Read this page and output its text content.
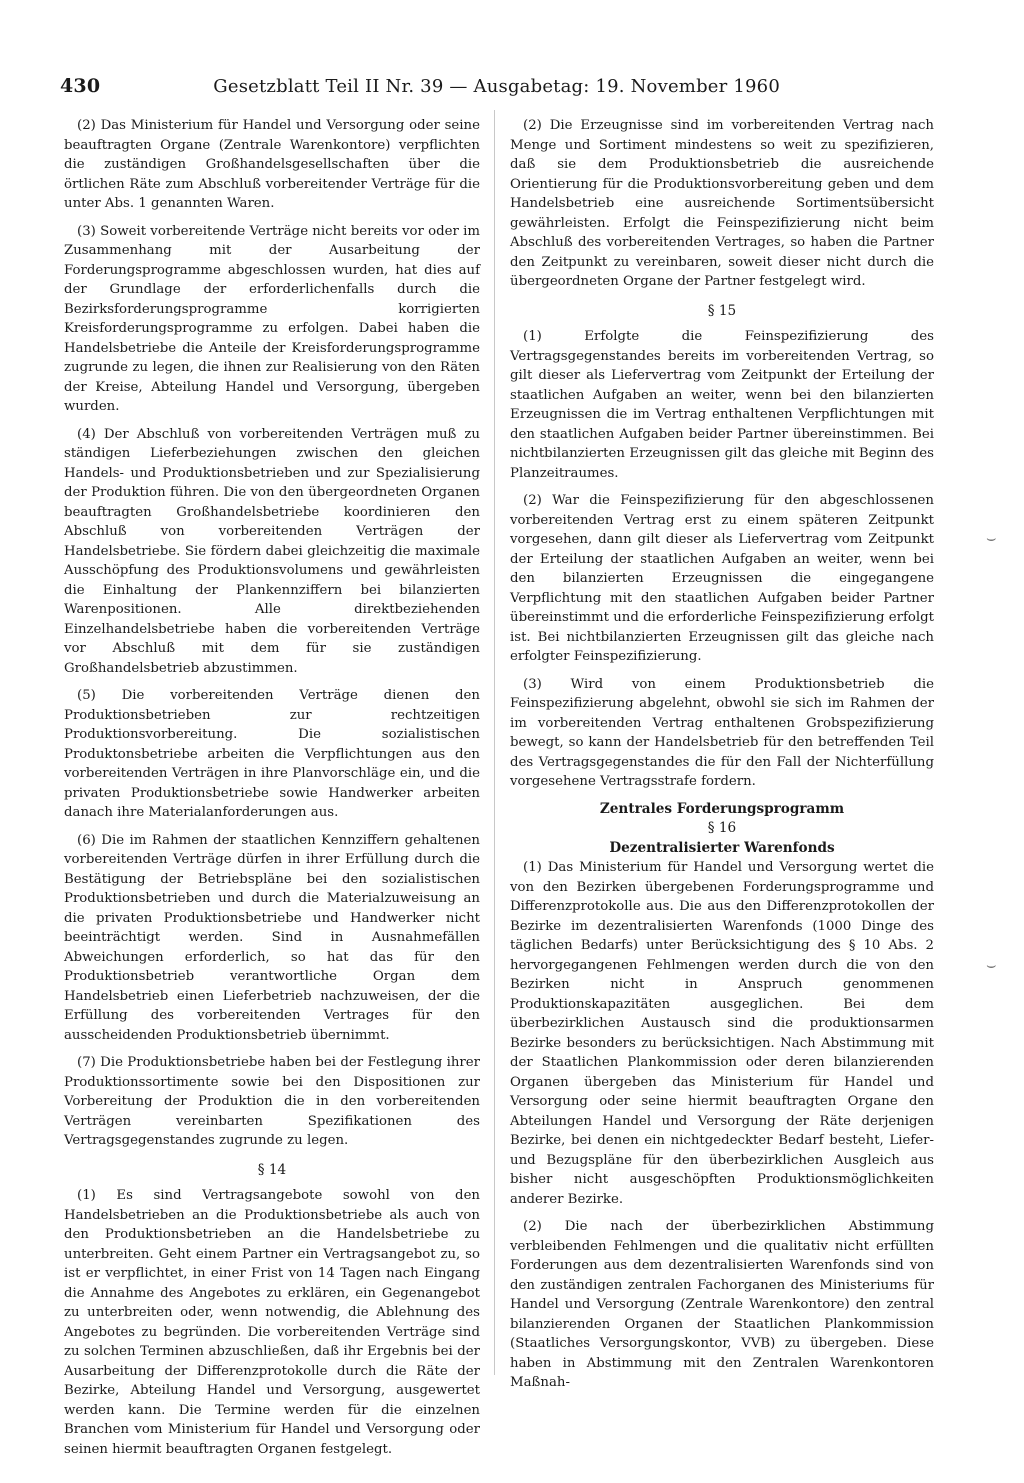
430	Gesetzblatt Teil II Nr. 39 — Ausgabetag: 19. November 1960

(2) Das Ministerium für Handel und Versorgung oder seine beauftragten Organe (Zentrale Warenkontore) verpflichten die zuständigen Großhandelsgesellschaften über die örtlichen Räte zum Abschluß vorbereitender Verträge für die unter Abs. 1 genannten Waren.

(3) Soweit vorbereitende Verträge nicht bereits vor oder im Zusammenhang mit der Ausarbeitung der Forderungsprogramme abgeschlossen wurden, hat dies auf der Grundlage der erforderlichenfalls durch die Bezirksforderungsprogramme korrigierten Kreisforderungsprogramme zu erfolgen. Dabei haben die Handelsbetriebe die Anteile der Kreisforderungsprogramme zugrunde zu legen, die ihnen zur Realisierung von den Räten der Kreise, Abteilung Handel und Versorgung, übergeben wurden.

(4) Der Abschluß von vorbereitenden Verträgen muß zu ständigen Lieferbeziehungen zwischen den gleichen Handels- und Produktionsbetrieben und zur Spezialisierung der Produktion führen. Die von den übergeordneten Organen beauftragten Großhandelsbetriebe koordinieren den Abschluß von vorbereitenden Verträgen der Handelsbetriebe. Sie fördern dabei gleichzeitig die maximale Ausschöpfung des Produktionsvolumens und gewährleisten die Einhaltung der Plankennziffern bei bilanzierten Warenpositionen. Alle direktbeziehenden Einzelhandelsbetriebe haben die vorbereitenden Verträge vor Abschluß mit dem für sie zuständigen Großhandelsbetrieb abzustimmen.

(5) Die vorbereitenden Verträge dienen den Produktionsbetrieben zur rechtzeitigen Produktionsvorbereitung. Die sozialistischen Produktonsbetriebe arbeiten die Verpflichtungen aus den vorbereitenden Verträgen in ihre Planvorschläge ein, und die privaten Produktionsbetriebe sowie Handwerker arbeiten danach ihre Materialanforderungen aus.

(6) Die im Rahmen der staatlichen Kennziffern gehaltenen vorbereitenden Verträge dürfen in ihrer Erfüllung durch die Bestätigung der Betriebspläne bei den sozialistischen Produktionsbetrieben und durch die Materialzuweisung an die privaten Produktionsbetriebe und Handwerker nicht beeinträchtigt werden. Sind in Ausnahmefällen Abweichungen erforderlich, so hat das für den Produktionsbetrieb verantwortliche Organ dem Handelsbetrieb einen Lieferbetrieb nachzuweisen, der die Erfüllung des vorbereitenden Vertrages für den ausscheidenden Produktionsbetrieb übernimmt.

(7) Die Produktionsbetriebe haben bei der Festlegung ihrer Produktionssortimente sowie bei den Dispositionen zur Vorbereitung der Produktion die in den vorbereitenden Verträgen vereinbarten Spezifikationen des Vertragsgegenstandes zugrunde zu legen.

§ 14

(1) Es sind Vertragsangebote sowohl von den Handelsbetrieben an die Produktionsbetriebe als auch von den Produktionsbetrieben an die Handelsbetriebe zu unterbreiten. Geht einem Partner ein Vertragsangebot zu, so ist er verpflichtet, in einer Frist von 14 Tagen nach Eingang die Annahme des Angebotes zu erklären, ein Gegenangebot zu unterbreiten oder, wenn notwendig, die Ablehnung des Angebotes zu begründen. Die vorbereitenden Verträge sind zu solchen Terminen abzuschließen, daß ihr Ergebnis bei der Ausarbeitung der Differenzprotokolle durch die Räte der Bezirke, Abteilung Handel und Versorgung, ausgewertet werden kann. Die Termine werden für die einzelnen Branchen vom Ministerium für Handel und Versorgung oder seinen hiermit beauftragten Organen festgelegt.

(2) Die Erzeugnisse sind im vorbereitenden Vertrag nach Menge und Sortiment mindestens so weit zu spezifizieren, daß sie dem Produktionsbetrieb die ausreichende Orientierung für die Produktionsvorbereitung geben und dem Handelsbetrieb eine ausreichende Sortimentsübersicht gewährleisten. Erfolgt die Feinspezifizierung nicht beim Abschluß des vorbereitenden Vertrages, so haben die Partner den Zeitpunkt zu vereinbaren, soweit dieser nicht durch die übergeordneten Organe der Partner festgelegt wird.

§ 15

(1) Erfolgte die Feinspezifizierung des Vertragsgegenstandes bereits im vorbereitenden Vertrag, so gilt dieser als Liefervertrag vom Zeitpunkt der Erteilung der staatlichen Aufgaben an weiter, wenn bei den bilanzierten Erzeugnissen die im Vertrag enthaltenen Verpflichtungen mit den staatlichen Aufgaben beider Partner übereinstimmen. Bei nichtbilanzierten Erzeugnissen gilt das gleiche mit Beginn des Planzeitraumes.

(2) War die Feinspezifizierung für den abgeschlossenen vorbereitenden Vertrag erst zu einem späteren Zeitpunkt vorgesehen, dann gilt dieser als Liefervertrag vom Zeitpunkt der Erteilung der staatlichen Aufgaben an weiter, wenn bei den bilanzierten Erzeugnissen die eingegangene Verpflichtung mit den staatlichen Aufgaben beider Partner übereinstimmt und die erforderliche Feinspezifizierung erfolgt ist. Bei nichtbilanzierten Erzeugnissen gilt das gleiche nach erfolgter Feinspezifizierung.

(3) Wird von einem Produktionsbetrieb die Feinspezifizierung abgelehnt, obwohl sie sich im Rahmen der im vorbereitenden Vertrag enthaltenen Grobspezifizierung bewegt, so kann der Handelsbetrieb für den betreffenden Teil des Vertragsgegenstandes die für den Fall der Nichterfüllung vorgesehene Vertragsstrafe fordern.

Zentrales Forderungsprogramm
§ 16
Dezentralisierter Warenfonds

(1) Das Ministerium für Handel und Versorgung wertet die von den Bezirken übergebenen Forderungsprogramme und Differenzprotokolle aus. Die aus den Differenzprotokollen der Bezirke im dezentralisierten Warenfonds (1000 Dinge des täglichen Bedarfs) unter Berücksichtigung des § 10 Abs. 2 hervorgegangenen Fehlmengen werden durch die von den Bezirken nicht in Anspruch genommenen Produktionskapazitäten ausgeglichen. Bei dem überbezirklichen Austausch sind die produktionsarmen Bezirke besonders zu berücksichtigen. Nach Abstimmung mit der Staatlichen Plankommission oder deren bilanzierenden Organen übergeben das Ministerium für Handel und Versorgung oder seine hiermit beauftragten Organe den Abteilungen Handel und Versorgung der Räte derjenigen Bezirke, bei denen ein nichtgedeckter Bedarf besteht, Liefer- und Bezugspläne für den überbezirklichen Ausgleich aus bisher nicht ausgeschöpften Produktionsmöglichkeiten anderer Bezirke.

(2) Die nach der überbezirklichen Abstimmung verbleibenden Fehlmengen und die qualitativ nicht erfüllten Forderungen aus dem dezentralisierten Warenfonds sind von den zuständigen zentralen Fachorganen des Ministeriums für Handel und Versorgung (Zentrale Warenkontore) den zentral bilanzierenden Organen der Staatlichen Plankommission (Staatliches Versorgungskontor, VVB) zu übergeben. Diese haben in Abstimmung mit den Zentralen Warenkontoren Maßnah-

⌣
⌣
